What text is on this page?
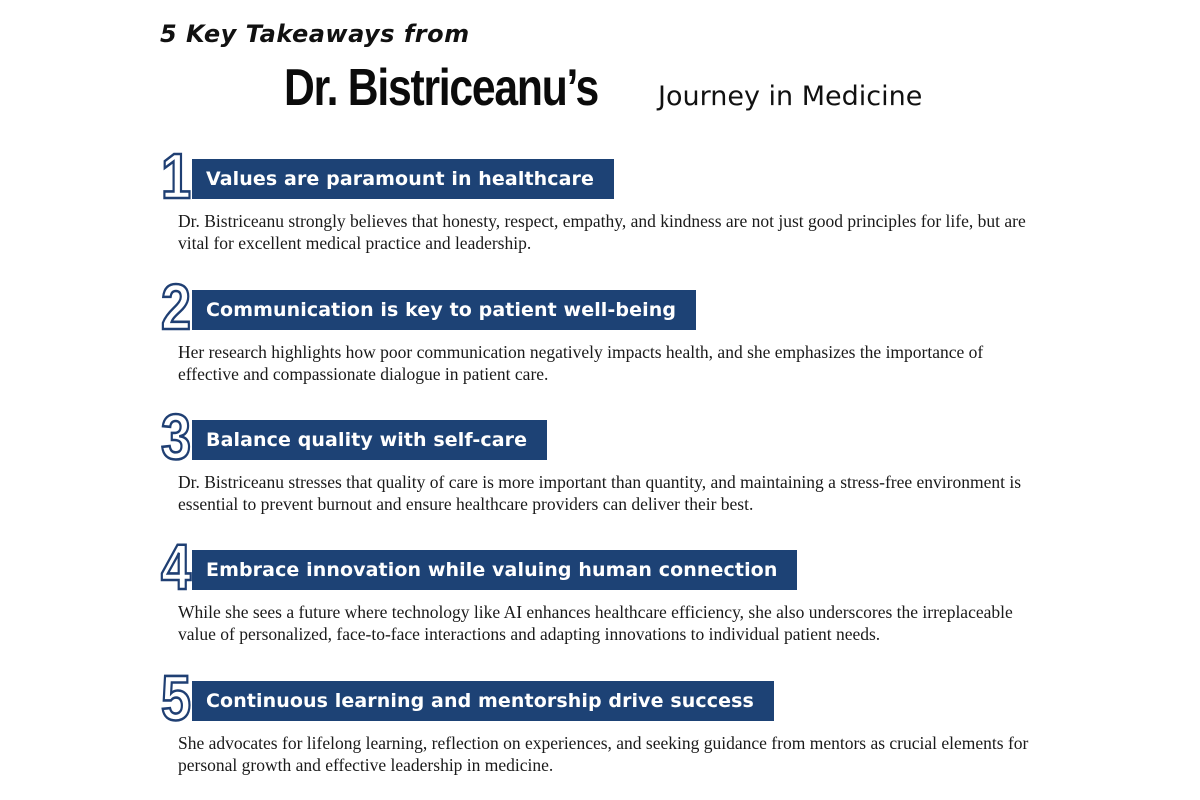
5 Key Takeaways from
Dr. Bistriceanu’s Journey in Medicine
1 Values are paramount in healthcare
Dr. Bistriceanu strongly believes that honesty, respect, empathy, and kindness are not just good principles for life, but are vital for excellent medical practice and leadership.
2 Communication is key to patient well-being
Her research highlights how poor communication negatively impacts health, and she emphasizes the importance of effective and compassionate dialogue in patient care.
3 Balance quality with self-care
Dr. Bistriceanu stresses that quality of care is more important than quantity, and maintaining a stress-free environment is essential to prevent burnout and ensure healthcare providers can deliver their best.
4 Embrace innovation while valuing human connection
While she sees a future where technology like AI enhances healthcare efficiency, she also underscores the irreplaceable value of personalized, face-to-face interactions and adapting innovations to individual patient needs.
5 Continuous learning and mentorship drive success
She advocates for lifelong learning, reflection on experiences, and seeking guidance from mentors as crucial elements for personal growth and effective leadership in medicine.
